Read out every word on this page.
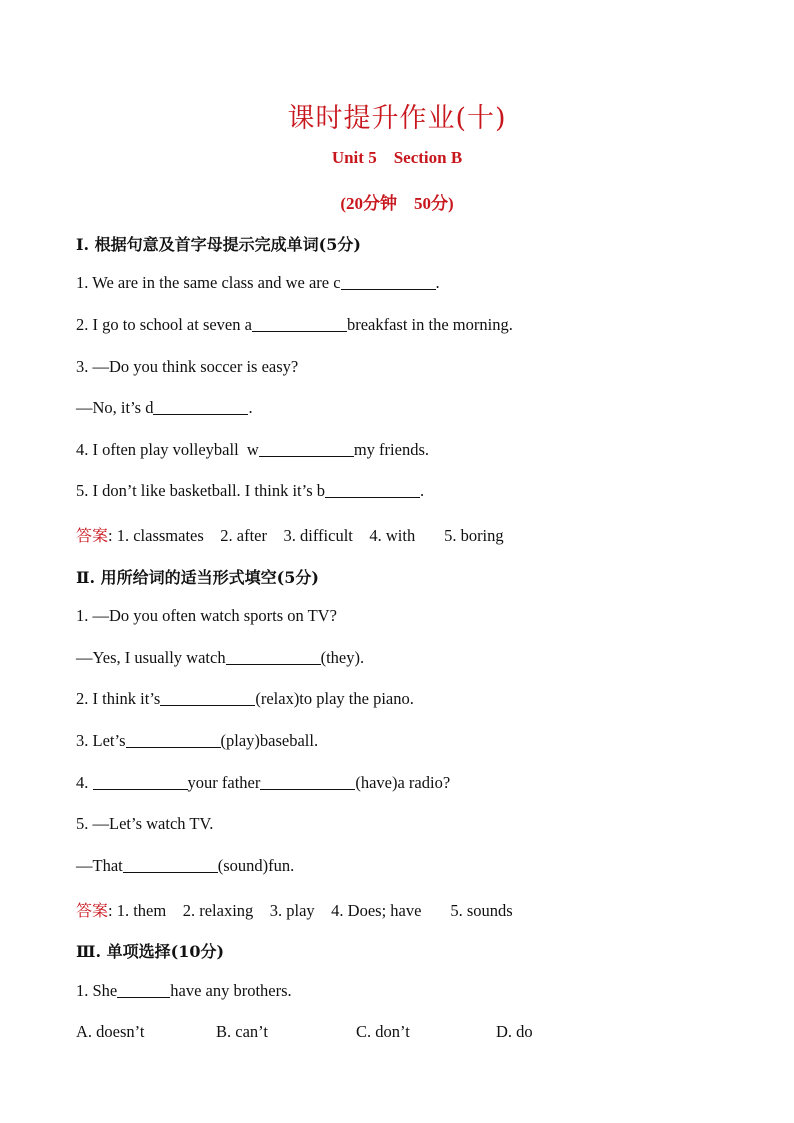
课时提升作业(十)
Unit 5    Section B
(20分钟    50分)
Ⅰ. 根据句意及首字母提示完成单词(5分)
1. We are in the same class and we are c	.
2. I go to school at seven a	breakfast in the morning.
3. —Do you think soccer is easy?
—No, it’s d	.
4. I often play volleyball  w	my friends.
5. I don’t like basketball. I think it’s b	.
答案: 1. classmates    2. after    3. difficult    4. with       5. boring
Ⅱ. 用所给词的适当形式填空(5分)
1. —Do you often watch sports on TV?
—Yes, I usually watch	(they).
2. I think it’s	(relax)to play the piano.
3. Let’s	(play)baseball.
4.	your father	(have)a radio?
5. —Let’s watch TV.
—That	(sound)fun.
答案: 1. them    2. relaxing    3. play    4. Does; have       5. sounds
Ⅲ. 单项选择(10分)
1. She	have any brothers.
A. doesn’t	B. can’t	C. don’t	D. do
